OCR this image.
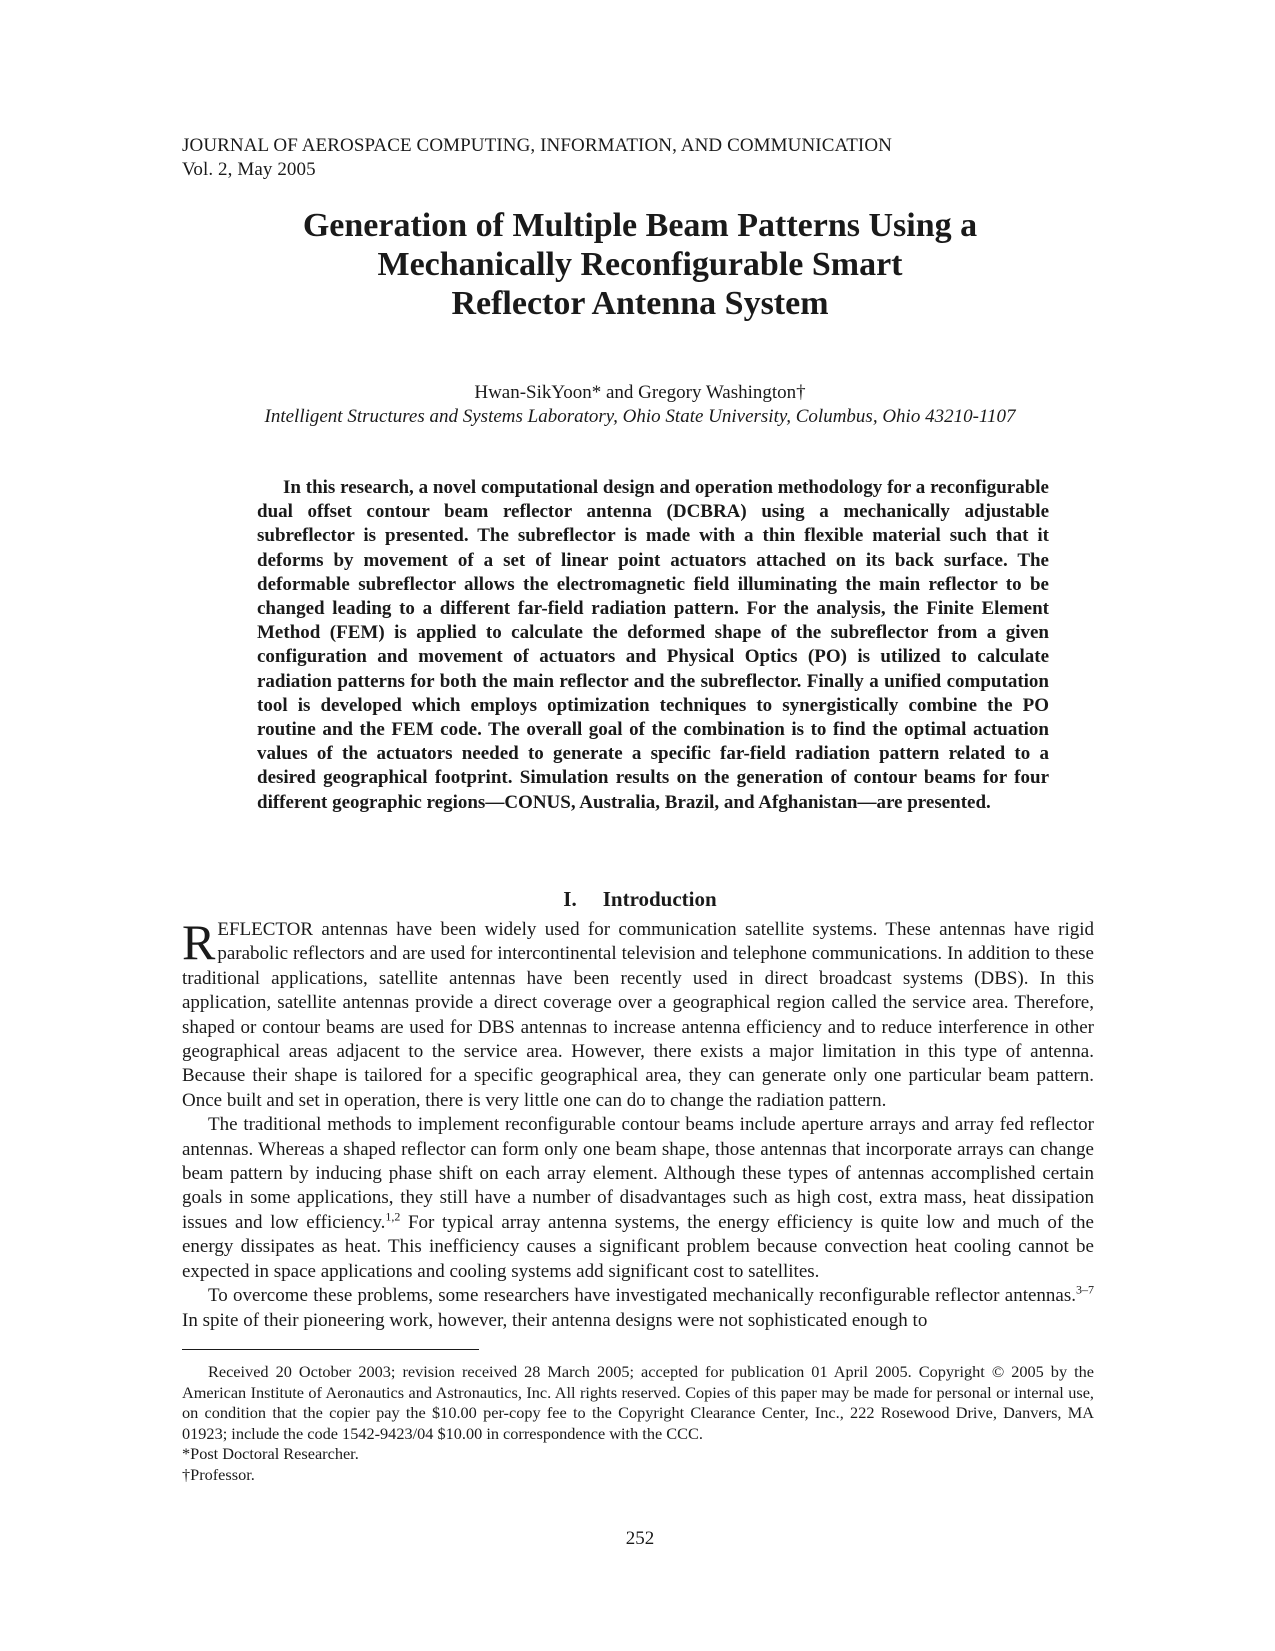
JOURNAL OF AEROSPACE COMPUTING, INFORMATION, AND COMMUNICATION
Vol. 2, May 2005
Generation of Multiple Beam Patterns Using a
Mechanically Reconfigurable Smart
Reflector Antenna System
Hwan-SikYoon* and Gregory Washington†
Intelligent Structures and Systems Laboratory, Ohio State University, Columbus, Ohio 43210-1107

In this research, a novel computational design and operation methodology for a reconfigurable dual offset contour beam reflector antenna (DCBRA) using a mechanically adjustable subreflector is presented. The subreflector is made with a thin flexible material such that it deforms by movement of a set of linear point actuators attached on its back surface. The deformable subreflector allows the electromagnetic field illuminating the main reflector to be changed leading to a different far-field radiation pattern. For the analysis, the Finite Element Method (FEM) is applied to calculate the deformed shape of the subreflector from a given configuration and movement of actuators and Physical Optics (PO) is utilized to calculate radiation patterns for both the main reflector and the subreflector. Finally a unified computation tool is developed which employs optimization techniques to synergistically combine the PO routine and the FEM code. The overall goal of the combination is to find the optimal actuation values of the actuators needed to generate a specific far-field radiation pattern related to a desired geographical footprint. Simulation results on the generation of contour beams for four different geographic regions—CONUS, Australia, Brazil, and Afghanistan—are presented.

I. Introduction

REFLECTOR antennas have been widely used for communication satellite systems. These antennas have rigid parabolic reflectors and are used for intercontinental television and telephone communications. In addition to these traditional applications, satellite antennas have been recently used in direct broadcast systems (DBS). In this application, satellite antennas provide a direct coverage over a geographical region called the service area. Therefore, shaped or contour beams are used for DBS antennas to increase antenna efficiency and to reduce interference in other geographical areas adjacent to the service area. However, there exists a major limitation in this type of antenna. Because their shape is tailored for a specific geographical area, they can generate only one particular beam pattern. Once built and set in operation, there is very little one can do to change the radiation pattern.

The traditional methods to implement reconfigurable contour beams include aperture arrays and array fed reflector antennas. Whereas a shaped reflector can form only one beam shape, those antennas that incorporate arrays can change beam pattern by inducing phase shift on each array element. Although these types of antennas accomplished certain goals in some applications, they still have a number of disadvantages such as high cost, extra mass, heat dissipation issues and low efficiency.$^{1,2}$ For typical array antenna systems, the energy efficiency is quite low and much of the energy dissipates as heat. This inefficiency causes a significant problem because convection heat cooling cannot be expected in space applications and cooling systems add significant cost to satellites.

To overcome these problems, some researchers have investigated mechanically reconfigurable reflector antennas.$^{3-7}$ In spite of their pioneering work, however, their antenna designs were not sophisticated enough to

Received 20 October 2003; revision received 28 March 2005; accepted for publication 01 April 2005. Copyright © 2005 by the American Institute of Aeronautics and Astronautics, Inc. All rights reserved. Copies of this paper may be made for personal or internal use, on condition that the copier pay the $10.00 per-copy fee to the Copyright Clearance Center, Inc., 222 Rosewood Drive, Danvers, MA 01923; include the code 1542-9423/04 $10.00 in correspondence with the CCC.

*Post Doctoral Researcher.

†Professor.

252
